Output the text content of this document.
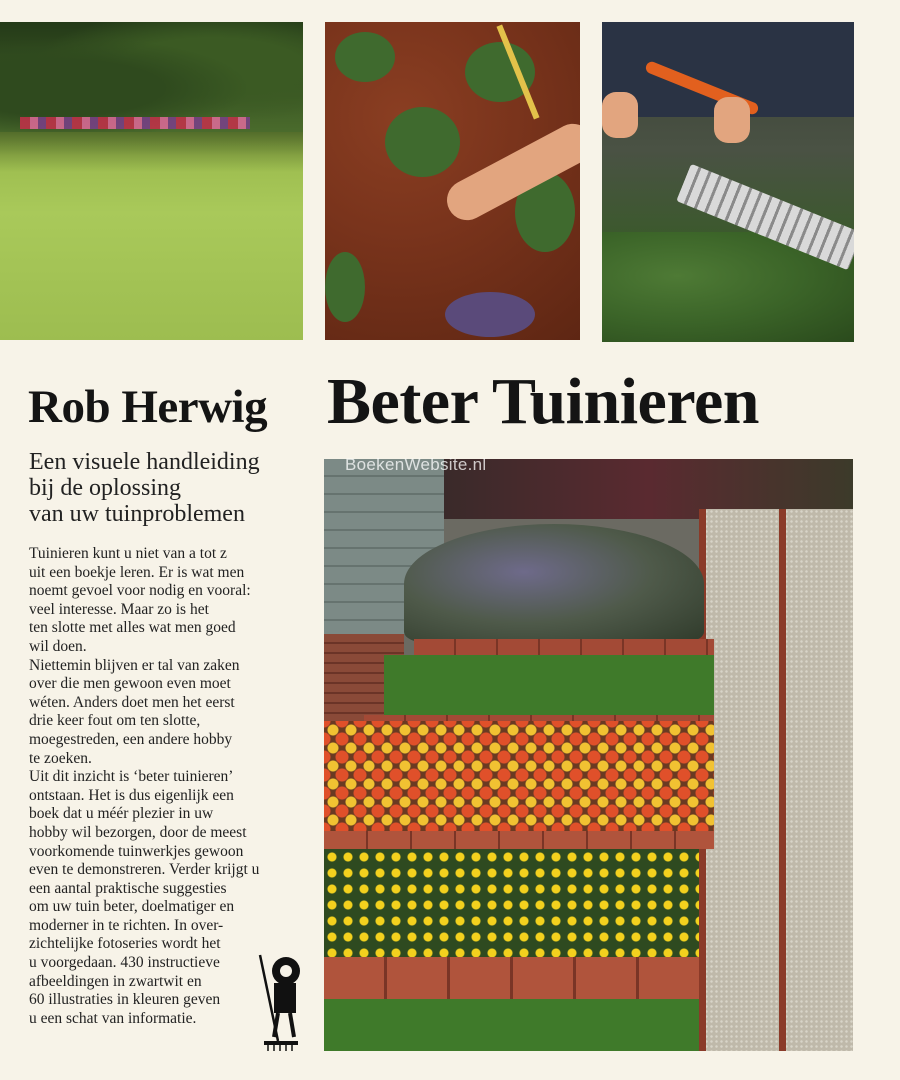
Rob Herwig Beter Tuinieren
Een visuele handleiding
bij de oplossing
van uw tuinproblemen
Tuinieren kunt u niet van a tot z
uit een boekje leren. Er is wat men
noemt gevoel voor nodig en vooral:
veel interesse. Maar zo is het
ten slotte met alles wat men goed
wil doen.
Niettemin blijven er tal van zaken
over die men gewoon even moet
wéten. Anders doet men het eerst
drie keer fout om ten slotte,
moegestreden, een andere hobby
te zoeken.
Uit dit inzicht is ‘beter tuinieren’
ontstaan. Het is dus eigenlijk een
boek dat u méér plezier in uw
hobby wil bezorgen, door de meest
voorkomende tuinwerkjes gewoon
even te demonstreren. Verder krijgt u
een aantal praktische suggesties
om uw tuin beter, doelmatiger en
moderner in te richten. In over-
zichtelijke fotoseries wordt het
u voorgedaan. 430 instructieve
afbeeldingen in zwartwit en
60 illustraties in kleuren geven
u een schat van informatie.
BoekenWebsite.nl
